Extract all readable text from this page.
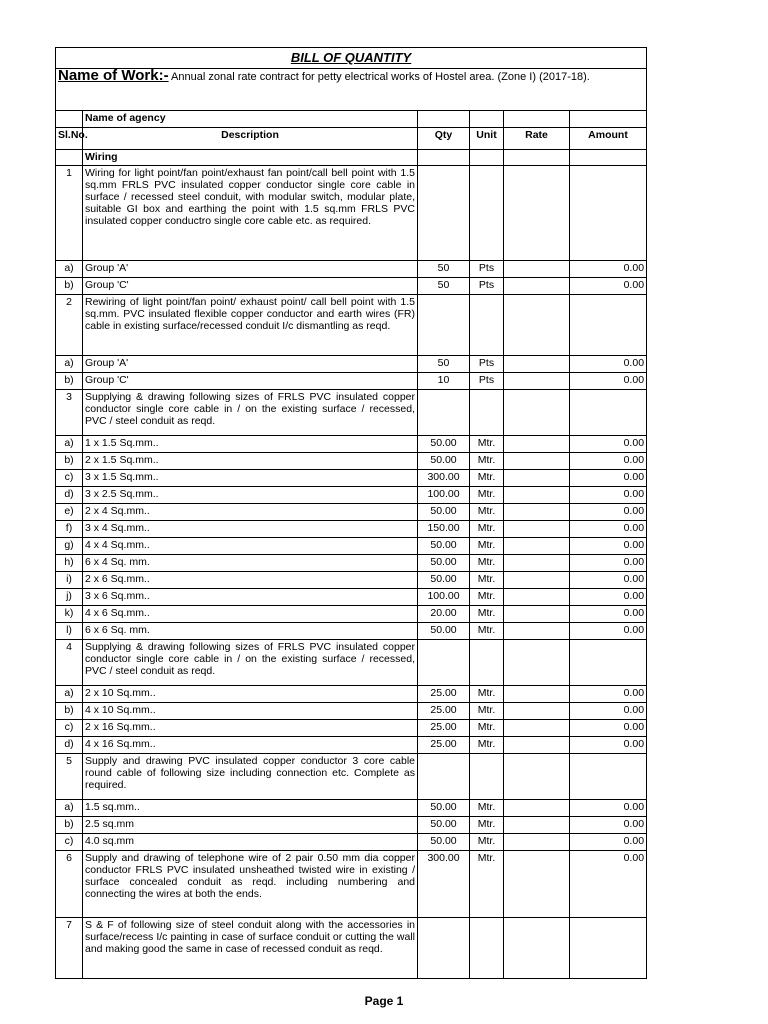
BILL OF QUANTITY					
Name of Work:- Annual zonal rate contract for petty electrical works of Hostel area. (Zone I) (2017-18).					
	Name of agency				
Sl.No.	Description	Qty	Unit	Rate	Amount
	Wiring				
1	Wiring for light point/fan point/exhaust fan point/call bell point with 1.5 sq.mm FRLS PVC insulated copper conductor single core cable in surface / recessed steel conduit, with modular switch, modular plate, suitable GI box and earthing the point with 1.5 sq.mm FRLS PVC insulated copper conductro single core cable etc. as required.				
a)	Group 'A'	50	Pts		0.00
b)	Group 'C'	50	Pts		0.00
2	Rewiring of light point/fan point/ exhaust point/ call bell point with 1.5 sq.mm. PVC insulated flexible copper conductor and earth wires (FR) cable in existing surface/recessed conduit I/c dismantling as reqd.				
a)	Group 'A'	50	Pts		0.00
b)	Group 'C'	10	Pts		0.00
3	Supplying & drawing following sizes of FRLS PVC insulated copper conductor single core cable in / on the existing surface / recessed, PVC / steel conduit as reqd.				
a)	1 x 1.5 Sq.mm..	50.00	Mtr.		0.00
b)	2 x 1.5 Sq.mm..	50.00	Mtr.		0.00
c)	3 x 1.5 Sq.mm..	300.00	Mtr.		0.00
d)	3 x 2.5 Sq.mm..	100.00	Mtr.		0.00
e)	2 x 4 Sq.mm..	50.00	Mtr.		0.00
f)	3 x 4 Sq.mm..	150.00	Mtr.		0.00
g)	4 x 4 Sq.mm..	50.00	Mtr.		0.00
h)	6 x 4 Sq. mm.	50.00	Mtr.		0.00
i)	2 x 6 Sq.mm..	50.00	Mtr.		0.00
j)	3 x 6 Sq.mm..	100.00	Mtr.		0.00
k)	4 x 6 Sq.mm..	20.00	Mtr.		0.00
l)	6 x 6 Sq. mm.	50.00	Mtr.		0.00
4	Supplying & drawing following sizes of FRLS PVC insulated copper conductor single core cable in / on the existing surface / recessed, PVC / steel conduit as reqd.				
a)	2 x 10 Sq.mm..	25.00	Mtr.		0.00
b)	4 x 10 Sq.mm..	25.00	Mtr.		0.00
c)	2 x 16 Sq.mm..	25.00	Mtr.		0.00
d)	4 x 16 Sq.mm..	25.00	Mtr.		0.00
5	Supply and drawing PVC insulated copper conductor 3 core cable round cable of following size including connection etc. Complete as required.				
a)	1.5 sq.mm..	50.00	Mtr.		0.00
b)	2.5 sq.mm	50.00	Mtr.		0.00
c)	4.0 sq.mm	50.00	Mtr.		0.00
6	Supply and drawing of telephone wire of 2 pair 0.50 mm dia copper conductor FRLS PVC insulated unsheathed twisted wire in existing / surface concealed conduit as reqd. including numbering and connecting the wires at both the ends.	300.00	Mtr.		0.00
7	S & F of following size of steel conduit along with the accessories in surface/recess I/c painting in case of surface conduit or cutting the wall and making good the same in case of recessed conduit as reqd.				
Page 1
